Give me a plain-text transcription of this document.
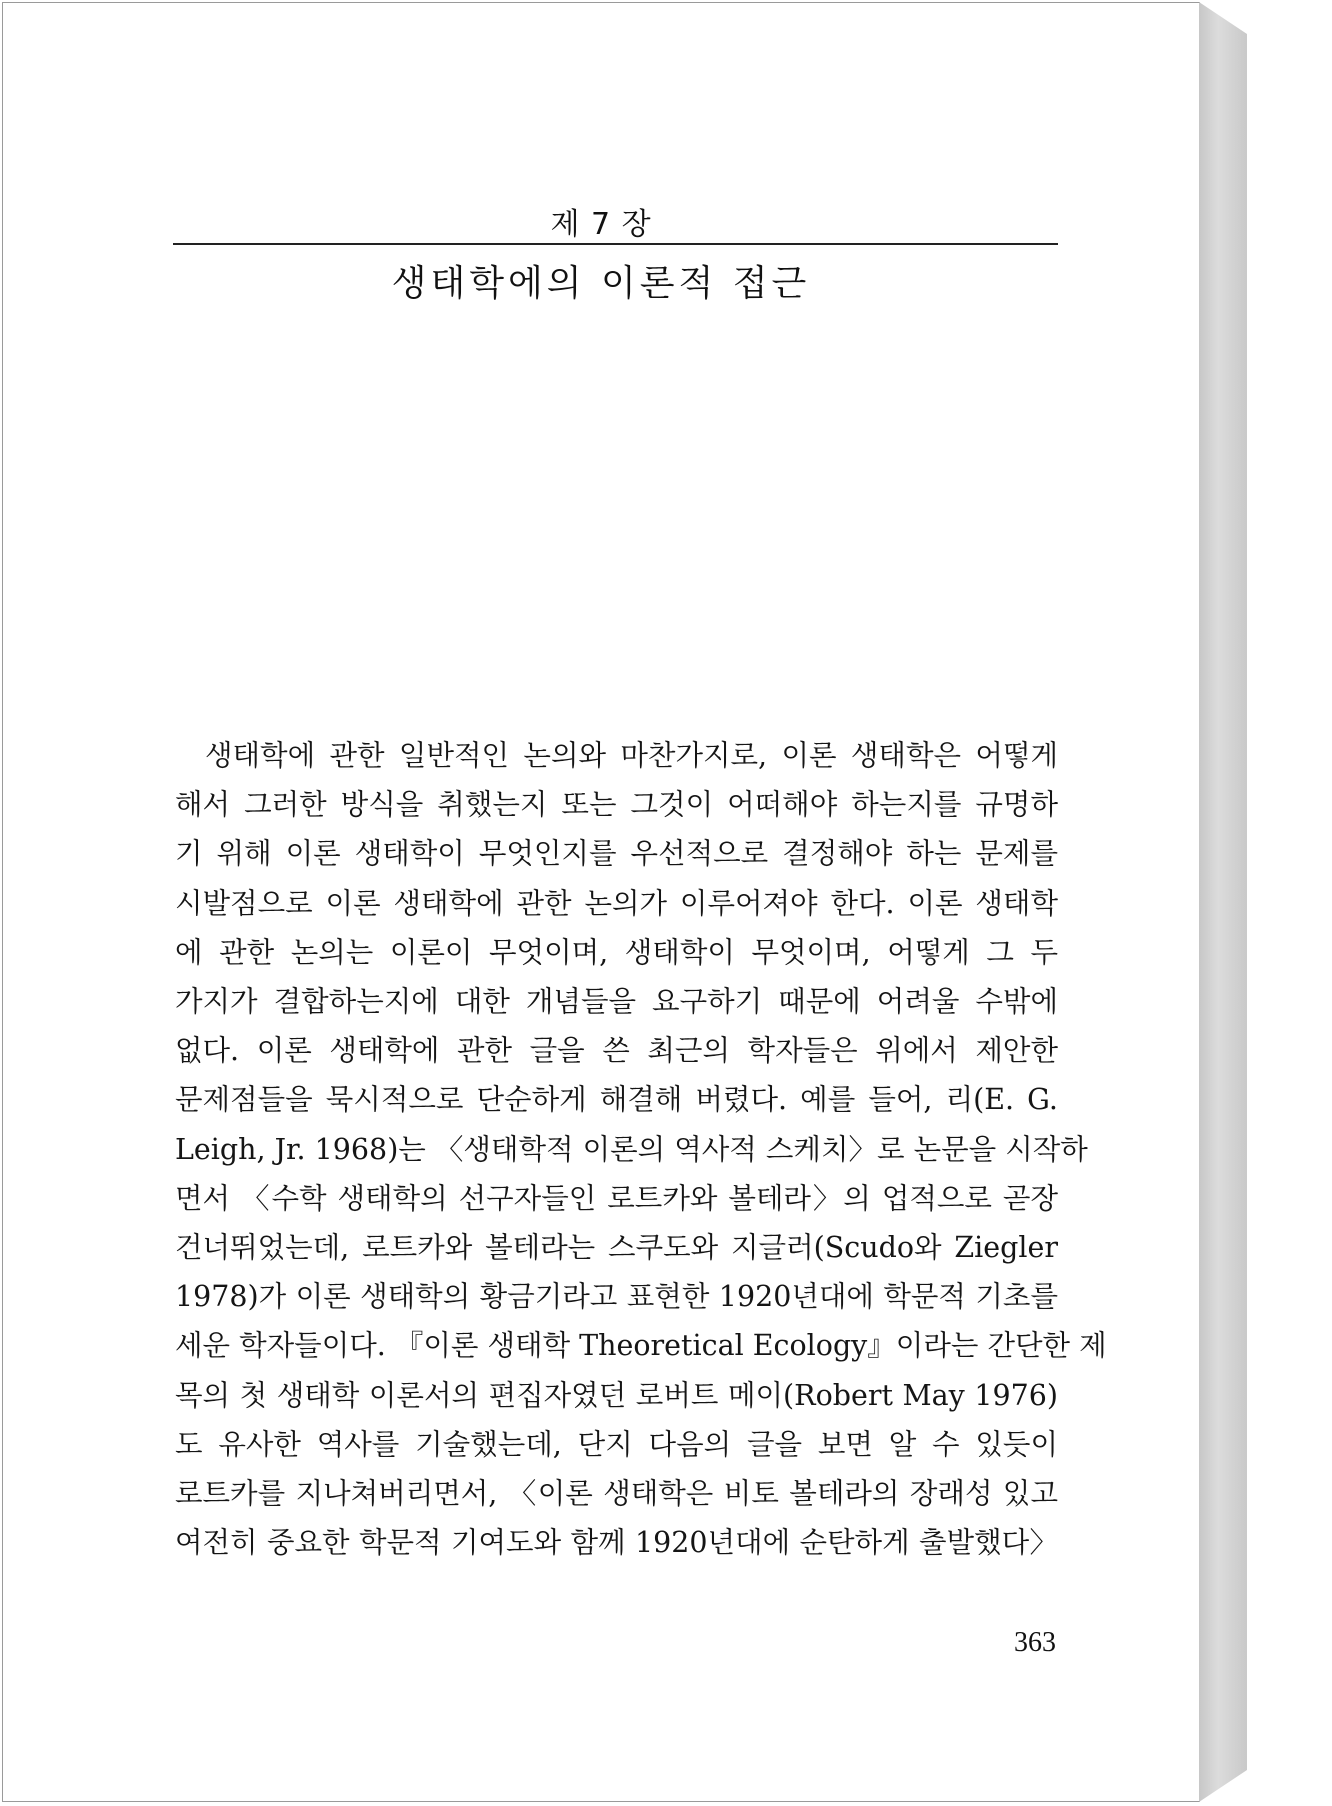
제 7 장
생태학에의 이론적 접근
생태학에 관한 일반적인 논의와 마찬가지로, 이론 생태학은 어떻게
해서 그러한 방식을 취했는지 또는 그것이 어떠해야 하는지를 규명하
기 위해 이론 생태학이 무엇인지를 우선적으로 결정해야 하는 문제를
시발점으로 이론 생태학에 관한 논의가 이루어져야 한다. 이론 생태학
에 관한 논의는 이론이 무엇이며, 생태학이 무엇이며, 어떻게 그 두
가지가 결합하는지에 대한 개념들을 요구하기 때문에 어려울 수밖에
없다. 이론 생태학에 관한 글을 쓴 최근의 학자들은 위에서 제안한
문제점들을 묵시적으로 단순하게 해결해 버렸다. 예를 들어, 리(E. G.
Leigh, Jr. 1968)는 〈생태학적 이론의 역사적 스케치〉로 논문을 시작하
면서 〈수학 생태학의 선구자들인 로트카와 볼테라〉의 업적으로 곧장
건너뛰었는데, 로트카와 볼테라는 스쿠도와 지글러(Scudo와 Ziegler
1978)가 이론 생태학의 황금기라고 표현한 1920년대에 학문적 기초를
세운 학자들이다. 『이론 생태학 Theoretical Ecology』이라는 간단한 제
목의 첫 생태학 이론서의 편집자였던 로버트 메이(Robert May 1976)
도 유사한 역사를 기술했는데, 단지 다음의 글을 보면 알 수 있듯이
로트카를 지나쳐버리면서, 〈이론 생태학은 비토 볼테라의 장래성 있고
여전히 중요한 학문적 기여도와 함께 1920년대에 순탄하게 출발했다〉
363
